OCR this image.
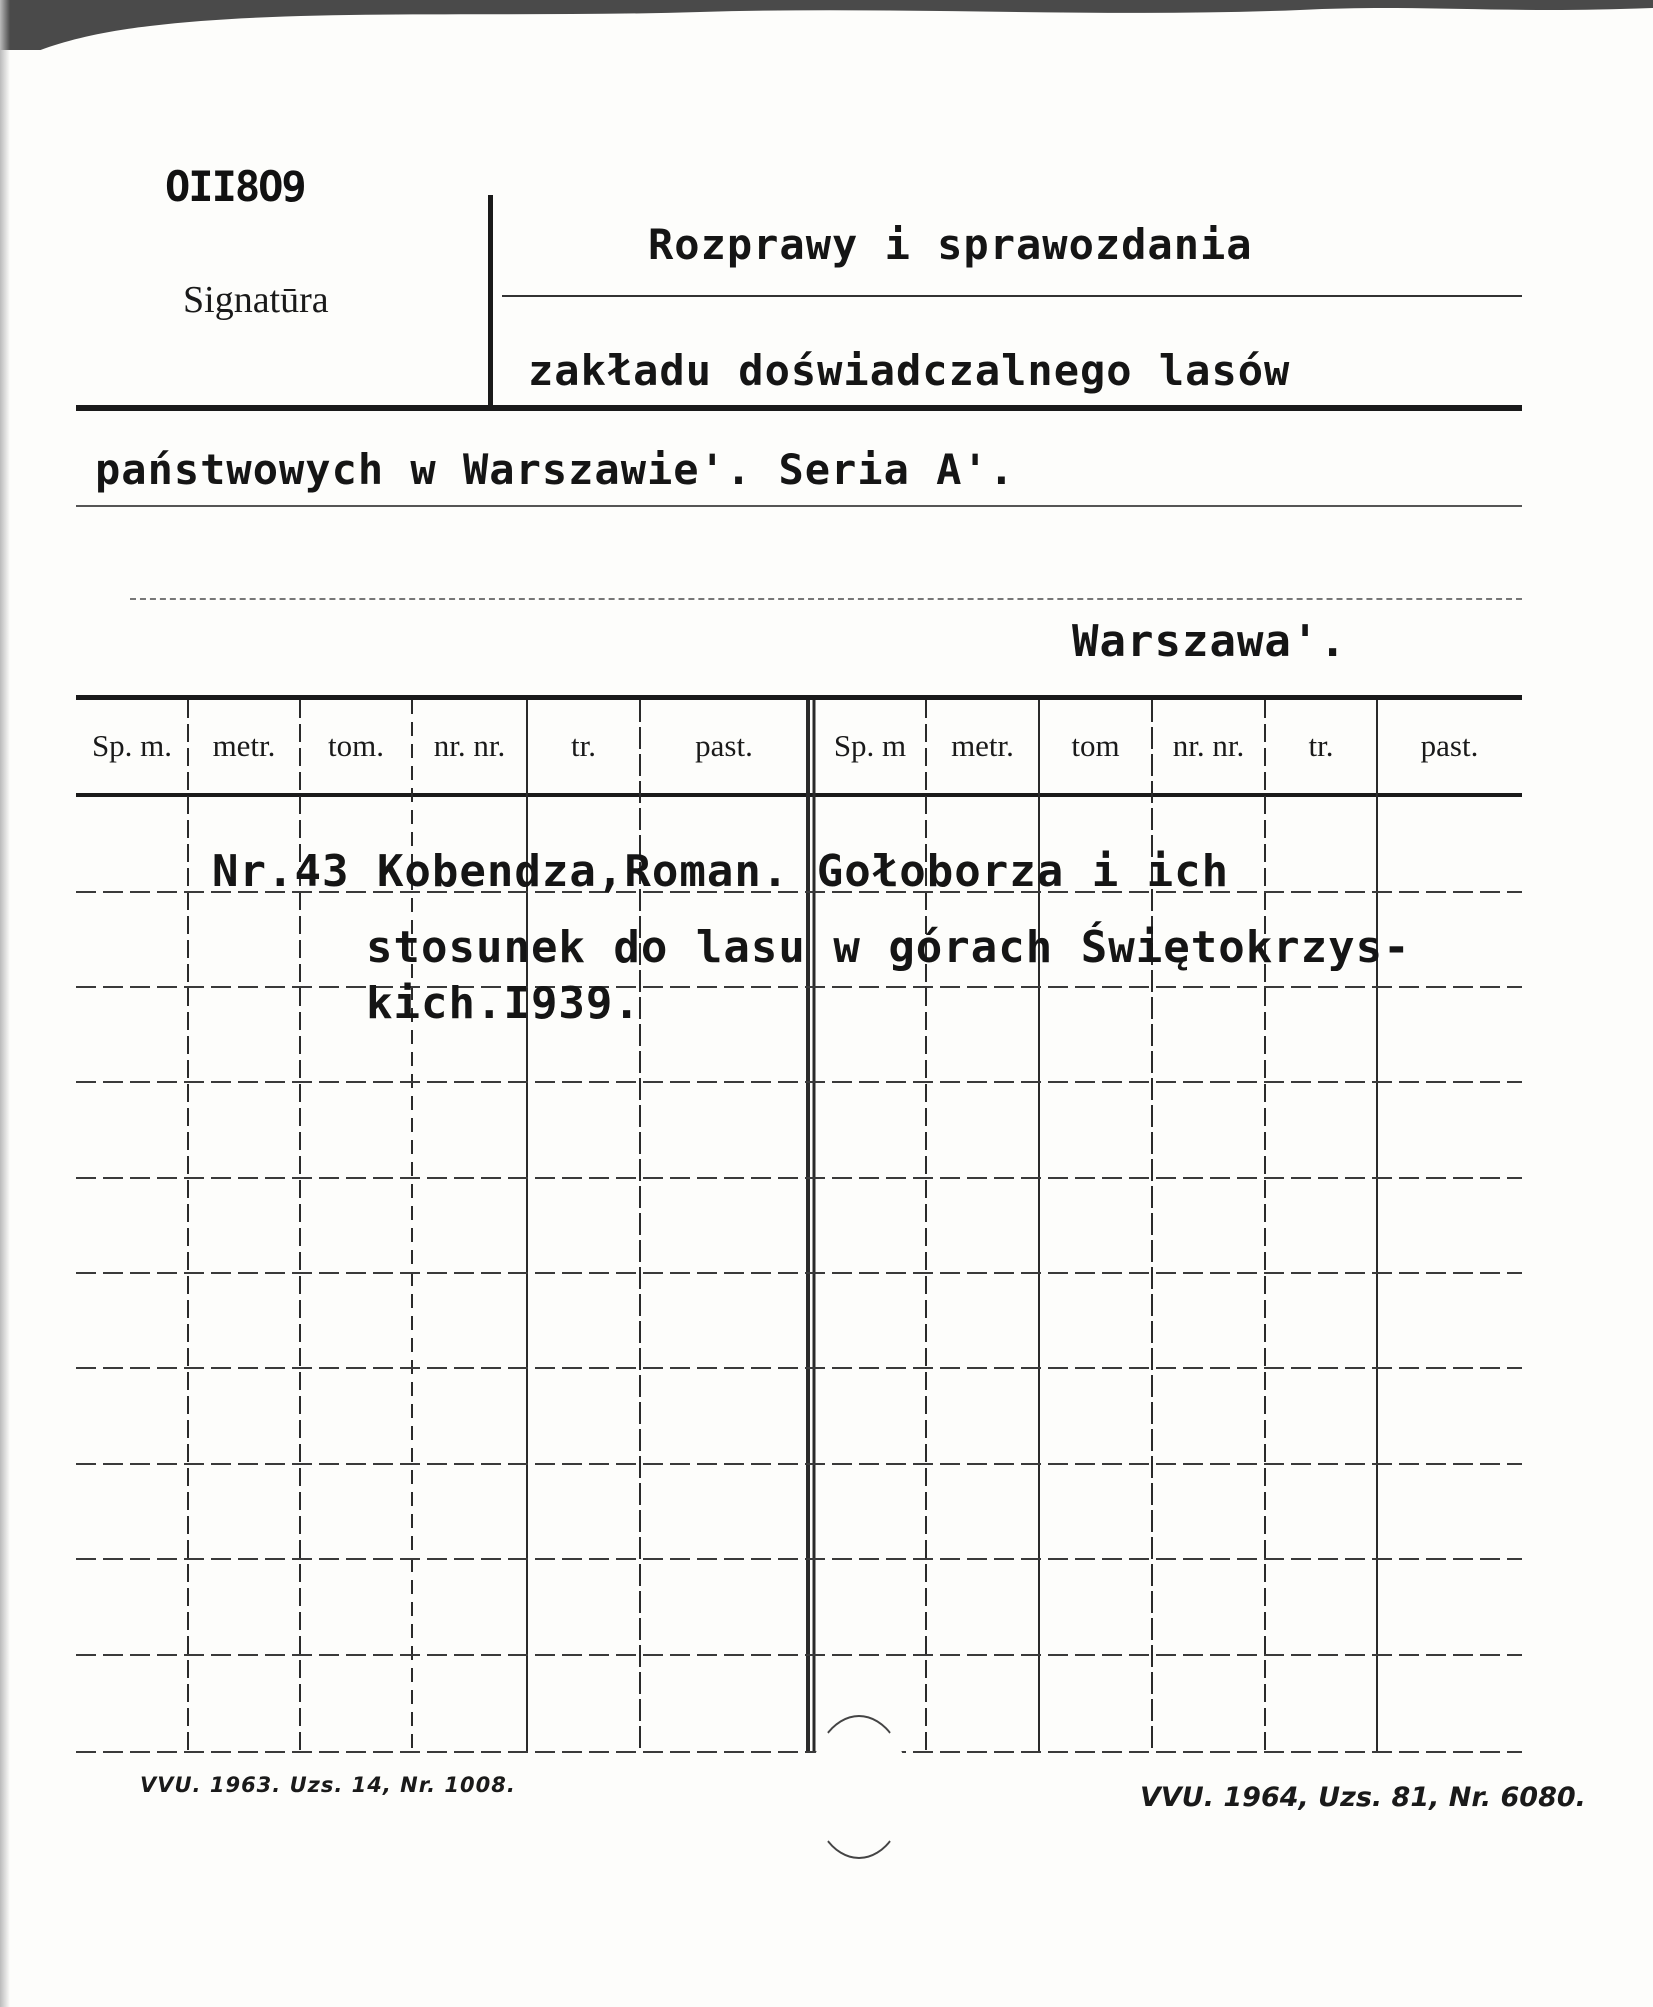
OII8O9
Signatūra
Rozprawy i sprawozdania
zakładu doświadczalnego lasów
państwowych w Warszawie'. Seria A'.
Warszawa'.
Sp. m.	metr.	tom.	nr. nr.	tr.	past.	Sp. m	metr.	tom	nr. nr.	tr.	past.
Nr.43 Kobendza,Roman. Gołoborza i ich
stosunek do lasu w górach Świętokrzys-
kich.I939.
VVU. 1963. Uzs. 14, Nr. 1008.	VVU. 1964, Uzs. 81, Nr. 6080.
